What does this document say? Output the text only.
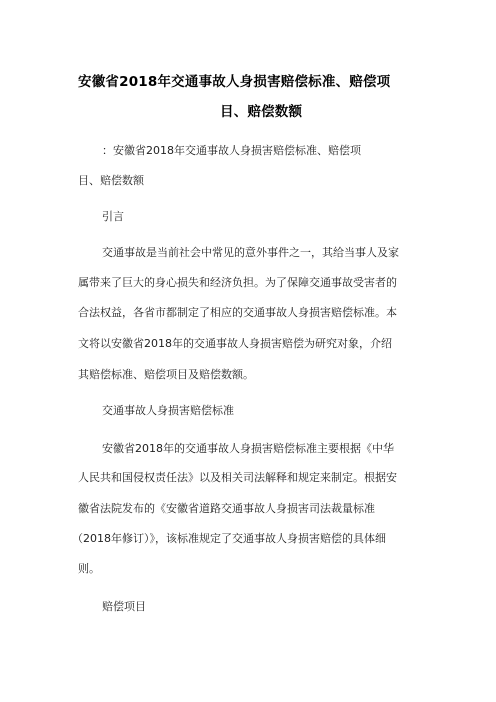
安徽省2018年交通事故人身损害赔偿标准、赔偿项
目、赔偿数额
：安徽省2018年交通事故人身损害赔偿标准、赔偿项
目、赔偿数额
引言
交通事故是当前社会中常见的意外事件之一，其给当事人及家
属带来了巨大的身心损失和经济负担。为了保障交通事故受害者的
合法权益，各省市都制定了相应的交通事故人身损害赔偿标准。本
文将以安徽省2018年的交通事故人身损害赔偿为研究对象，介绍
其赔偿标准、赔偿项目及赔偿数额。
交通事故人身损害赔偿标准
安徽省2018年的交通事故人身损害赔偿标准主要根据《中华
人民共和国侵权责任法》以及相关司法解释和规定来制定。根据安
徽省法院发布的《安徽省道路交通事故人身损害司法裁量标准
（2018年修订）》，该标准规定了交通事故人身损害赔偿的具体细
则。
赔偿项目
